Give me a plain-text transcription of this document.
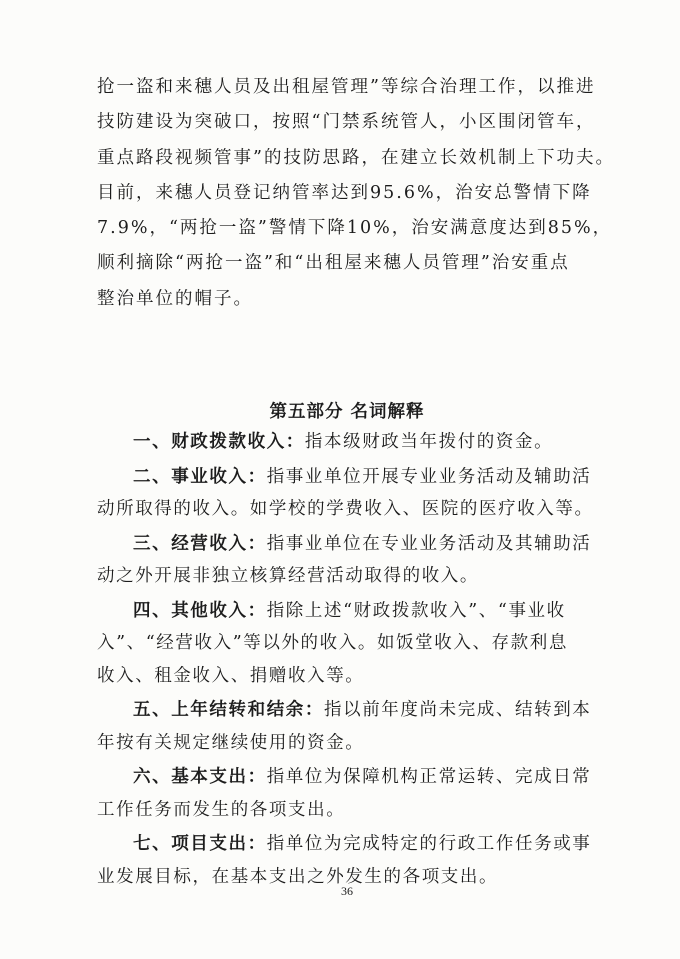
抢一盗和来穗人员及出租屋管理”等综合治理工作，以推进
技防建设为突破口，按照“门禁系统管人，小区围闭管车，
重点路段视频管事”的技防思路，在建立长效机制上下功夫。
目前，来穗人员登记纳管率达到95.6%，治安总警情下降
7.9%，“两抢一盗”警情下降10%，治安满意度达到85%，
顺利摘除“两抢一盗”和“出租屋来穗人员管理”治安重点
整治单位的帽子。

第五部分 名词解释
一、财政拨款收入：指本级财政当年拨付的资金。
二、事业收入：指事业单位开展专业业务活动及辅助活
动所取得的收入。如学校的学费收入、医院的医疗收入等。
三、经营收入：指事业单位在专业业务活动及其辅助活
动之外开展非独立核算经营活动取得的收入。
四、其他收入：指除上述“财政拨款收入”、“事业收
入”、“经营收入”等以外的收入。如饭堂收入、存款利息
收入、租金收入、捐赠收入等。
五、上年结转和结余：指以前年度尚未完成、结转到本
年按有关规定继续使用的资金。
六、基本支出：指单位为保障机构正常运转、完成日常
工作任务而发生的各项支出。
七、项目支出：指单位为完成特定的行政工作任务或事
业发展目标，在基本支出之外发生的各项支出。
36
